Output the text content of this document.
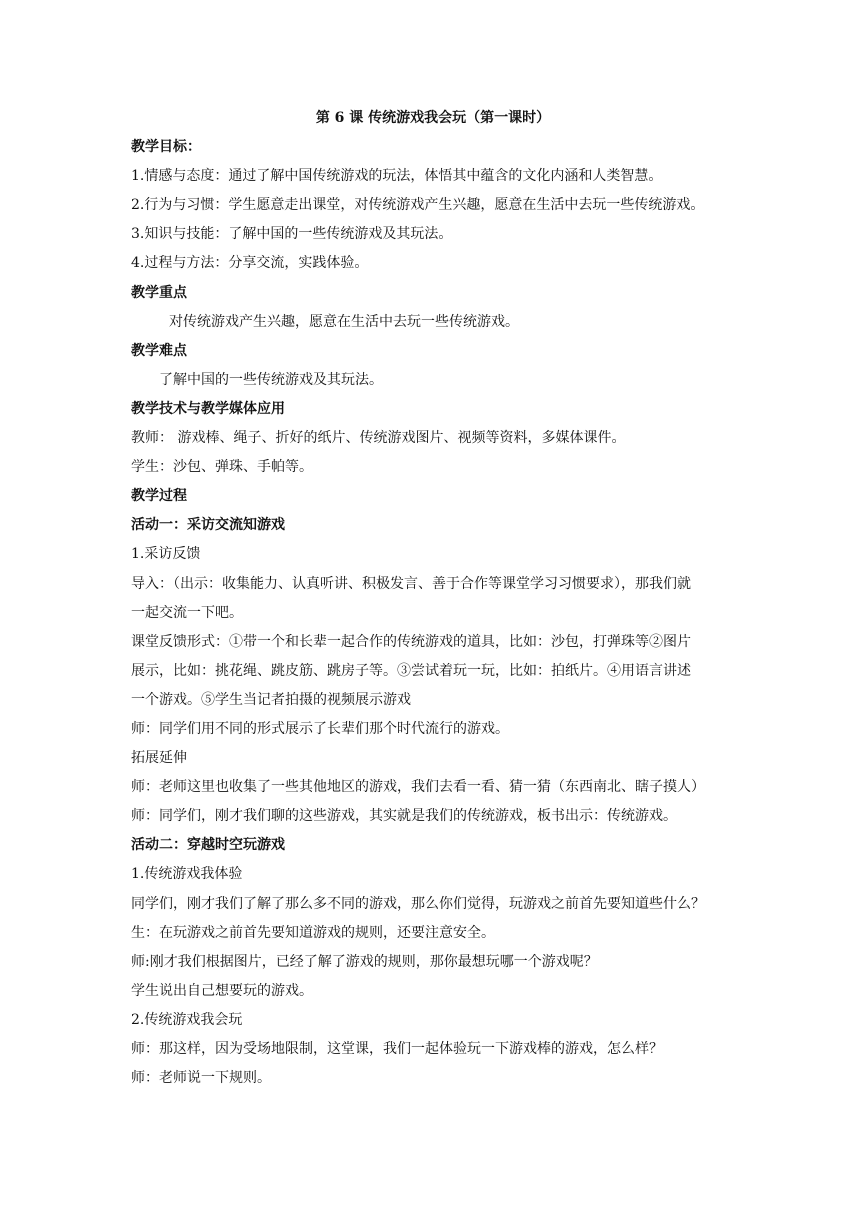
第 6 课 传统游戏我会玩（第一课时）
教学目标：
1.情感与态度：通过了解中国传统游戏的玩法，体悟其中蕴含的文化内涵和人类智慧。
2.行为与习惯：学生愿意走出课堂，对传统游戏产生兴趣，愿意在生活中去玩一些传统游戏。
3.知识与技能：了解中国的一些传统游戏及其玩法。
4.过程与方法：分享交流，实践体验。
教学重点
对传统游戏产生兴趣，愿意在生活中去玩一些传统游戏。
教学难点
了解中国的一些传统游戏及其玩法。
教学技术与教学媒体应用
教师： 游戏棒、绳子、折好的纸片、传统游戏图片、视频等资料，多媒体课件。
学生：沙包、弹珠、手帕等。
教学过程
活动一：采访交流知游戏
1.采访反馈
导入：（出示：收集能力、认真听讲、积极发言、善于合作等课堂学习习惯要求），那我们就
一起交流一下吧。
课堂反馈形式：①带一个和长辈一起合作的传统游戏的道具，比如：沙包，打弹珠等②图片
展示，比如：挑花绳、跳皮筋、跳房子等。③尝试着玩一玩，比如：拍纸片。④用语言讲述
一个游戏。⑤学生当记者拍摄的视频展示游戏
师：同学们用不同的形式展示了长辈们那个时代流行的游戏。
拓展延伸
师：老师这里也收集了一些其他地区的游戏，我们去看一看、猜一猜（东西南北、瞎子摸人）
师：同学们，刚才我们聊的这些游戏，其实就是我们的传统游戏，板书出示：传统游戏。
活动二：穿越时空玩游戏
1.传统游戏我体验
同学们，刚才我们了解了那么多不同的游戏，那么你们觉得，玩游戏之前首先要知道些什么？
生：在玩游戏之前首先要知道游戏的规则，还要注意安全。
师:刚才我们根据图片，已经了解了游戏的规则，那你最想玩哪一个游戏呢？
学生说出自己想要玩的游戏。
2.传统游戏我会玩
师：那这样，因为受场地限制，这堂课，我们一起体验玩一下游戏棒的游戏，怎么样？
师：老师说一下规则。
